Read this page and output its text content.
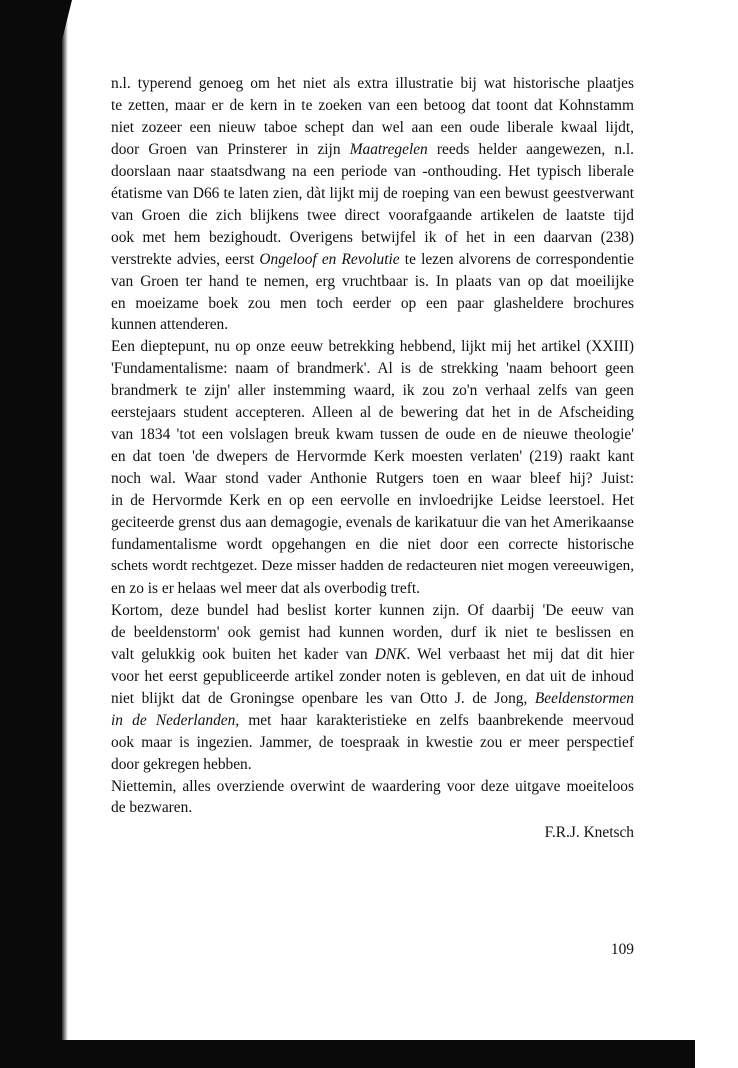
n.l. typerend genoeg om het niet als extra illustratie bij wat historische plaatjes
te zetten, maar er de kern in te zoeken van een betoog dat toont dat Kohnstamm
niet zozeer een nieuw taboe schept dan wel aan een oude liberale kwaal lijdt,
door Groen van Prinsterer in zijn Maatregelen reeds helder aangewezen, n.l.
doorslaan naar staatsdwang na een periode van -onthouding. Het typisch liberale
étatisme van D66 te laten zien, dàt lijkt mij de roeping van een bewust geestverwant
van Groen die zich blijkens twee direct voorafgaande artikelen de laatste tijd
ook met hem bezighoudt. Overigens betwijfel ik of het in een daarvan (238)
verstrekte advies, eerst Ongeloof en Revolutie te lezen alvorens de correspondentie
van Groen ter hand te nemen, erg vruchtbaar is. In plaats van op dat moeilijke
en moeizame boek zou men toch eerder op een paar glasheldere brochures
kunnen attenderen.

Een dieptepunt, nu op onze eeuw betrekking hebbend, lijkt mij het artikel (XXIII)
'Fundamentalisme: naam of brandmerk'. Al is de strekking 'naam behoort geen
brandmerk te zijn' aller instemming waard, ik zou zo'n verhaal zelfs van geen
eerstejaars student accepteren. Alleen al de bewering dat het in de Afscheiding
van 1834 'tot een volslagen breuk kwam tussen de oude en de nieuwe theologie'
en dat toen 'de dwepers de Hervormde Kerk moesten verlaten' (219) raakt kant
noch wal. Waar stond vader Anthonie Rutgers toen en waar bleef hij? Juist:
in de Hervormde Kerk en op een eervolle en invloedrijke Leidse leerstoel. Het
geciteerde grenst dus aan demagogie, evenals de karikatuur die van het Amerikaanse
fundamentalisme wordt opgehangen en die niet door een correcte historische
schets wordt rechtgezet. Deze misser hadden de redacteuren niet mogen vereeuwigen,
en zo is er helaas wel meer dat als overbodig treft.

Kortom, deze bundel had beslist korter kunnen zijn. Of daarbij 'De eeuw van
de beeldenstorm' ook gemist had kunnen worden, durf ik niet te beslissen en
valt gelukkig ook buiten het kader van DNK. Wel verbaast het mij dat dit hier
voor het eerst gepubliceerde artikel zonder noten is gebleven, en dat uit de inhoud
niet blijkt dat de Groningse openbare les van Otto J. de Jong, Beeldenstormen
in de Nederlanden, met haar karakteristieke en zelfs baanbrekende meervoud
ook maar is ingezien. Jammer, de toespraak in kwestie zou er meer perspectief
door gekregen hebben.

Niettemin, alles overziende overwint de waardering voor deze uitgave moeiteloos
de bezwaren.

F.R.J. Knetsch
109
